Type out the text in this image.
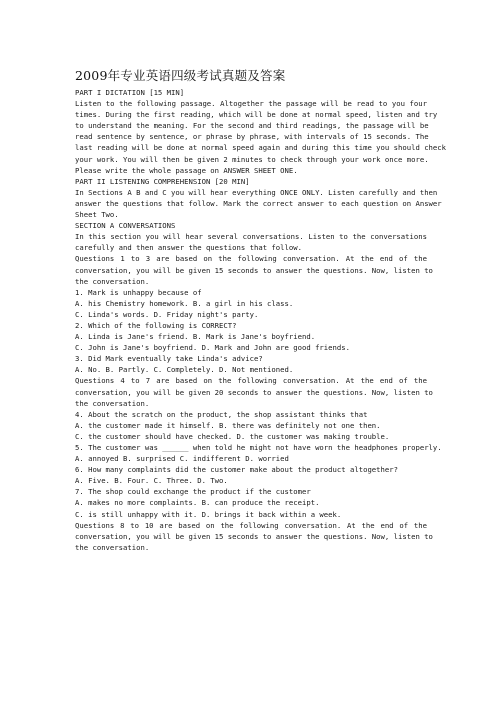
2009年专业英语四级考试真题及答案
PART I DICTATION [15 MIN]
Listen to the following passage. Altogether the passage will be read to you four
times. During the first reading, which will be done at normal speed, listen and try
to understand the meaning. For the second and third readings, the passage will be
read sentence by sentence, or phrase by phrase, with intervals of 15 seconds. The
last reading will be done at normal speed again and during this time you should check
your work. You will then be given 2 minutes to check through your work once more.
Please write the whole passage on ANSWER SHEET ONE.
PART II LISTENING COMPREHENSION [20 MIN]
In Sections A B and C you will hear everything ONCE ONLY. Listen carefully and then
answer the questions that follow. Mark the correct answer to each question on Answer
Sheet Two.
SECTION A CONVERSATIONS
In this section you will hear several conversations. Listen to the conversations
carefully and then answer the questions that follow.
Questions 1 to 3 are based on the following conversation. At the end of the
conversation, you will be given 15 seconds to answer the questions. Now, listen to
the conversation.
1. Mark is unhappy because of
A. his Chemistry homework. B. a girl in his class.
C. Linda's words. D. Friday night's party.
2. Which of the following is CORRECT?
A. Linda is Jane's friend. B. Mark is Jane's boyfriend.
C. John is Jane's boyfriend. D. Mark and John are good friends.
3. Did Mark eventually take Linda's advice?
A. No. B. Partly. C. Completely. D. Not mentioned.
Questions 4 to 7 are based on the following conversation. At the end of the
conversation, you will be given 20 seconds to answer the questions. Now, listen to
the conversation.
4. About the scratch on the product, the shop assistant thinks that
A. the customer made it himself. B. there was definitely not one then.
C. the customer should have checked. D. the customer was making trouble.
5. The customer was ______ when told he might not have worn the headphones properly.
A. annoyed B. surprised C. indifferent D. worried
6. How many complaints did the customer make about the product altogether?
A. Five. B. Four. C. Three. D. Two.
7. The shop could exchange the product if the customer
A. makes no more complaints. B. can produce the receipt.
C. is still unhappy with it. D. brings it back within a week.
Questions 8 to 10 are based on the following conversation. At the end of the
conversation, you will be given 15 seconds to answer the questions. Now, listen to
the conversation.
